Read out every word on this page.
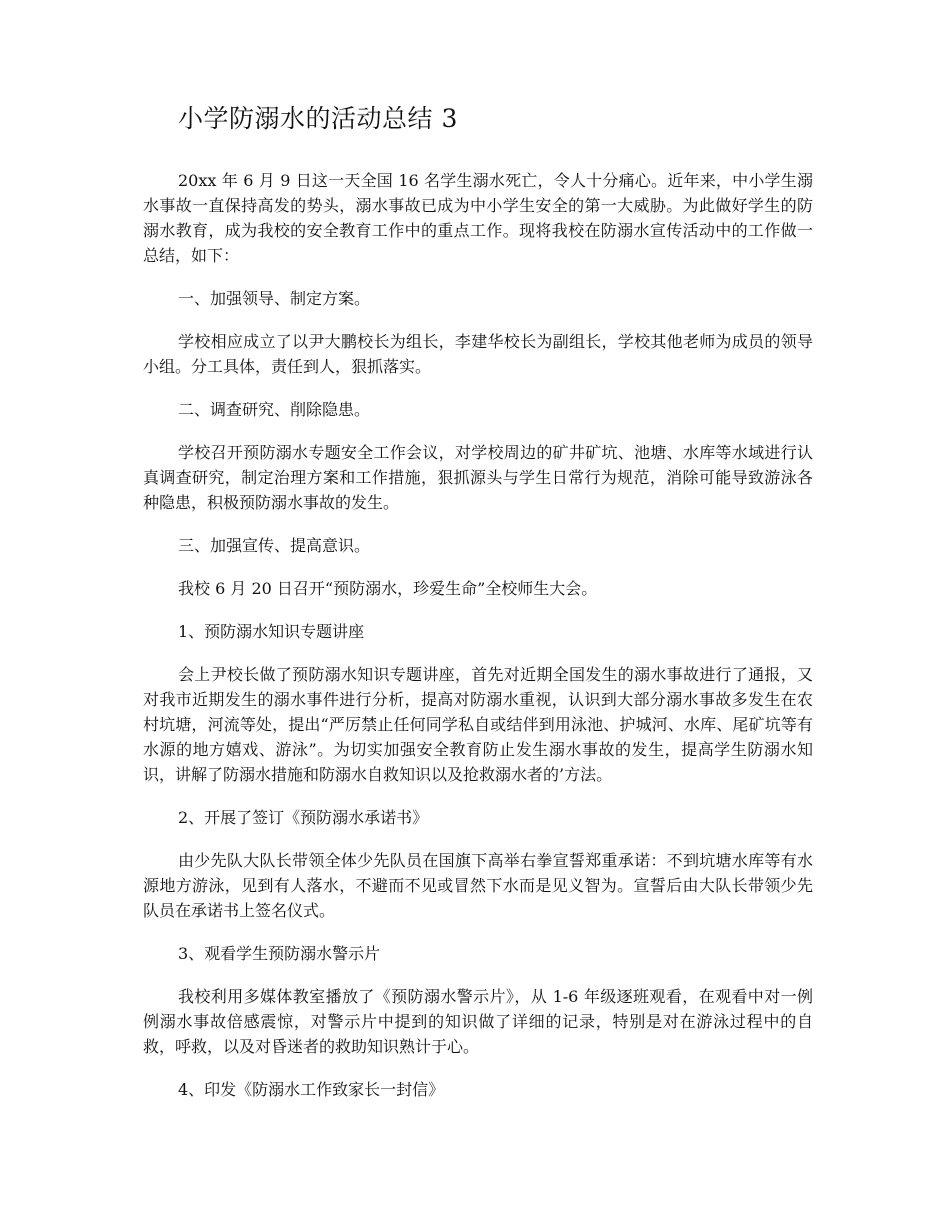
小学防溺水的活动总结 3

20xx 年 6 月 9 日这一天全国 16 名学生溺水死亡，令人十分痛心。近年来，中小学生溺水事故一直保持高发的势头，溺水事故已成为中小学生安全的第一大威胁。为此做好学生的防溺水教育，成为我校的安全教育工作中的重点工作。现将我校在防溺水宣传活动中的工作做一总结，如下：

一、加强领导、制定方案。

学校相应成立了以尹大鹏校长为组长，李建华校长为副组长，学校其他老师为成员的领导小组。分工具体，责任到人，狠抓落实。

二、调查研究、削除隐患。

学校召开预防溺水专题安全工作会议，对学校周边的矿井矿坑、池塘、水库等水域进行认真调查研究，制定治理方案和工作措施，狠抓源头与学生日常行为规范，消除可能导致游泳各种隐患，积极预防溺水事故的发生。

三、加强宣传、提高意识。

我校 6 月 20 日召开“预防溺水，珍爱生命”全校师生大会。

1、预防溺水知识专题讲座

会上尹校长做了预防溺水知识专题讲座，首先对近期全国发生的溺水事故进行了通报，又对我市近期发生的溺水事件进行分析，提高对防溺水重视，认识到大部分溺水事故多发生在农村坑塘，河流等处，提出“严厉禁止任何同学私自或结伴到用泳池、护城河、水库、尾矿坑等有水源的地方嬉戏、游泳”。为切实加强安全教育防止发生溺水事故的发生，提高学生防溺水知识，讲解了防溺水措施和防溺水自救知识以及抢救溺水者的’方法。

2、开展了签订《预防溺水承诺书》

由少先队大队长带领全体少先队员在国旗下高举右拳宣誓郑重承诺：不到坑塘水库等有水源地方游泳，见到有人落水，不避而不见或冒然下水而是见义智为。宣誓后由大队长带领少先队员在承诺书上签名仪式。

3、观看学生预防溺水警示片

我校利用多媒体教室播放了《预防溺水警示片》，从 1-6 年级逐班观看，在观看中对一例例溺水事故倍感震惊，对警示片中提到的知识做了详细的记录，特别是对在游泳过程中的自救，呼救，以及对昏迷者的救助知识熟计于心。

4、印发《防溺水工作致家长一封信》
